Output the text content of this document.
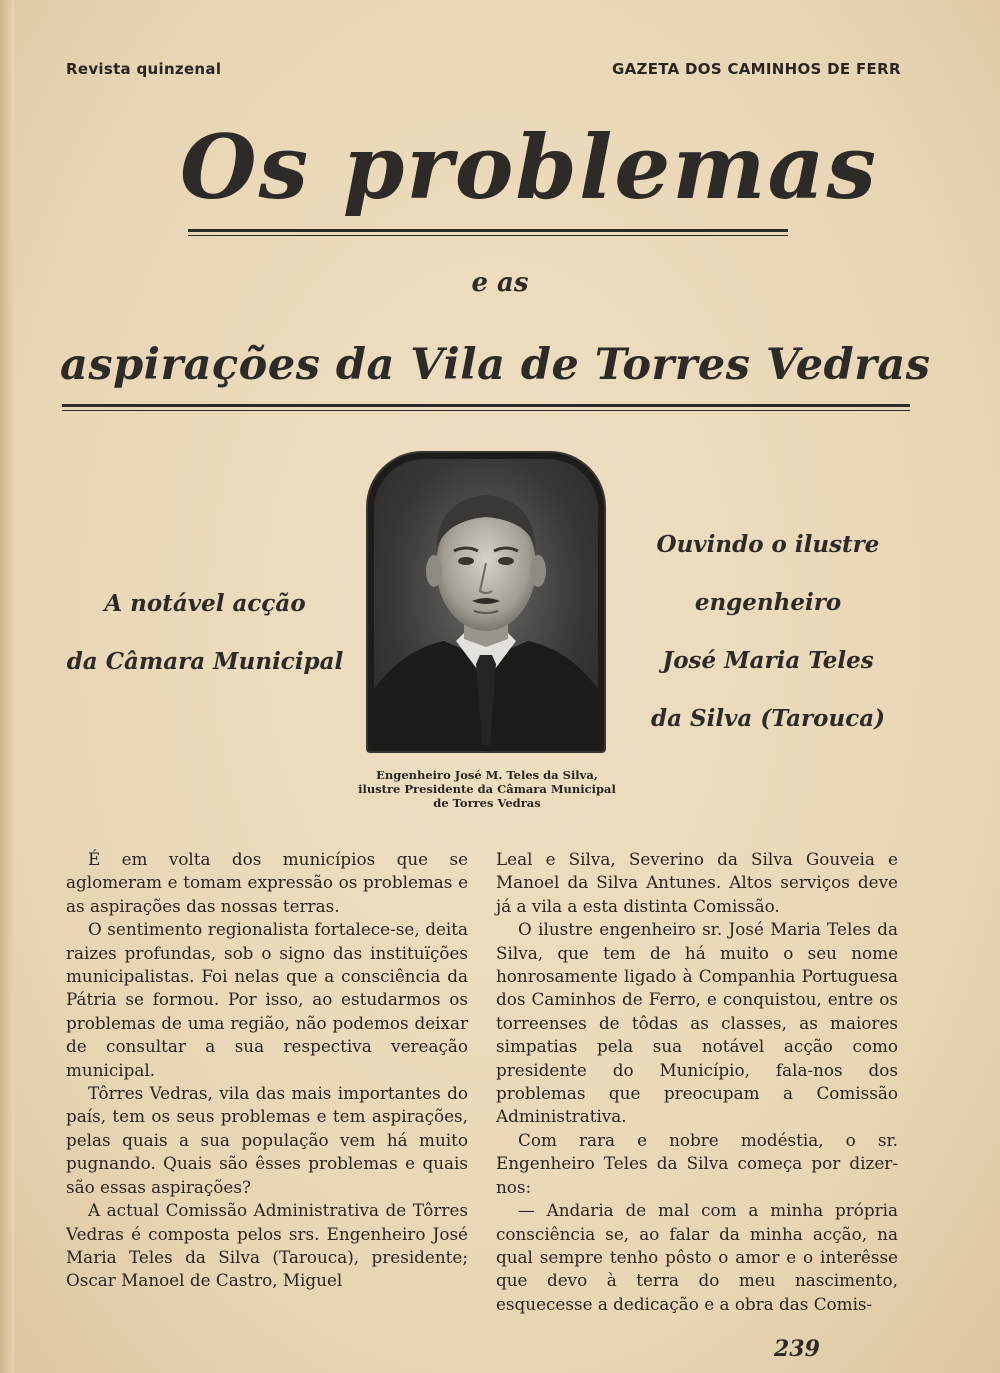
Revista quinzenal	GAZETA DOS CAMINHOS DE FERR
Os problemas
e as
aspirações da Vila de Torres Vedras
A notável acção
da Câmara Municipal
Ouvindo o ilustre
engenheiro
José Maria Teles
da Silva (Tarouca)
Engenheiro José M. Teles da Silva,
ilustre Presidente da Câmara Municipal
de Torres Vedras

É em volta dos municípios que se aglomeram e tomam expressão os problemas e as aspirações das nossas terras.

O sentimento regionalista fortalece-se, deita raizes profundas, sob o signo das instituïções municipalistas. Foi nelas que a consciência da Pátria se formou. Por isso, ao estudarmos os problemas de uma região, não podemos deixar de consultar a sua respectiva vereação municipal.

Tôrres Vedras, vila das mais importantes do país, tem os seus problemas e tem aspirações, pelas quais a sua população vem há muito pugnando. Quais são êsses problemas e quais são essas aspirações?

A actual Comissão Administrativa de Tôrres Vedras é composta pelos srs. Engenheiro José Maria Teles da Silva (Tarouca), presidente; Oscar Manoel de Castro, Miguel

Leal e Silva, Severino da Silva Gouveia e Manoel da Silva Antunes. Altos serviços deve já a vila a esta distinta Comissão.

O ilustre engenheiro sr. José Maria Teles da Silva, que tem de há muito o seu nome honrosamente ligado à Companhia Portuguesa dos Caminhos de Ferro, e conquistou, entre os torreenses de tôdas as classes, as maiores simpatias pela sua notável acção como presidente do Município, fala-nos dos problemas que preocupam a Comissão Administrativa.

Com rara e nobre modéstia, o sr. Engenheiro Teles da Silva começa por dizer-nos:

— Andaria de mal com a minha própria consciência se, ao falar da minha acção, na qual sempre tenho pôsto o amor e o interêsse que devo à terra do meu nascimento, esquecesse a dedicação e a obra das Comis-

239
